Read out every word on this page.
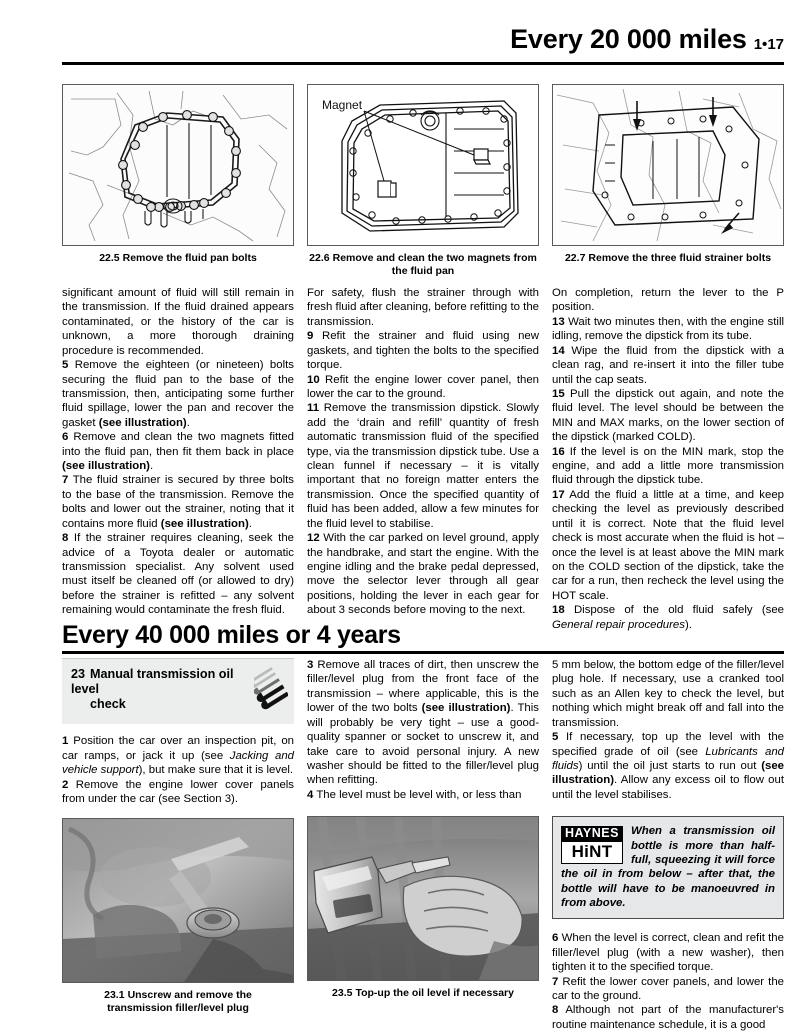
Every 20 000 miles 1•17
22.5 Remove the fluid pan bolts
Magnet
22.6 Remove and clean the two magnets from the fluid pan
22.7 Remove the three fluid strainer bolts

significant amount of fluid will still remain in the transmission. If the fluid drained appears contaminated, or the history of the car is unknown, a more thorough draining procedure is recommended.

5 Remove the eighteen (or nineteen) bolts securing the fluid pan to the base of the transmission, then, anticipating some further fluid spillage, lower the pan and recover the gasket (see illustration).

6 Remove and clean the two magnets fitted into the fluid pan, then fit them back in place (see illustration).

7 The fluid strainer is secured by three bolts to the base of the transmission. Remove the bolts and lower out the strainer, noting that it contains more fluid (see illustration).

8 If the strainer requires cleaning, seek the advice of a Toyota dealer or automatic transmission specialist. Any solvent used must itself be cleaned off (or allowed to dry) before the strainer is refitted – any solvent remaining would contaminate the fresh fluid.

For safety, flush the strainer through with fresh fluid after cleaning, before refitting to the transmission.

9 Refit the strainer and fluid using new gaskets, and tighten the bolts to the specified torque.

10 Refit the engine lower cover panel, then lower the car to the ground.

11 Remove the transmission dipstick. Slowly add the ‘drain and refill’ quantity of fresh automatic transmission fluid of the specified type, via the transmission dipstick tube. Use a clean funnel if necessary – it is vitally important that no foreign matter enters the transmission. Once the specified quantity of fluid has been added, allow a few minutes for the fluid level to stabilise.

12 With the car parked on level ground, apply the handbrake, and start the engine. With the engine idling and the brake pedal depressed, move the selector lever through all gear positions, holding the lever in each gear for about 3 seconds before moving to the next.

On completion, return the lever to the P position.

13 Wait two minutes then, with the engine still idling, remove the dipstick from its tube.

14 Wipe the fluid from the dipstick with a clean rag, and re-insert it into the filler tube until the cap seats.

15 Pull the dipstick out again, and note the fluid level. The level should be between the MIN and MAX marks, on the lower section of the dipstick (marked COLD).

16 If the level is on the MIN mark, stop the engine, and add a little more transmission fluid through the dipstick tube.

17 Add the fluid a little at a time, and keep checking the level as previously described until it is correct. Note that the fluid level check is most accurate when the fluid is hot – once the level is at least above the MIN mark on the COLD section of the dipstick, take the car for a run, then recheck the level using the HOT scale.

18 Dispose of the old fluid safely (see General repair procedures).

Every 40 000 miles or 4 years
23 Manual transmission oil level
check

1 Position the car over an inspection pit, on car ramps, or jack it up (see Jacking and vehicle support), but make sure that it is level.

2 Remove the engine lower cover panels from under the car (see Section 3).

23.1 Unscrew and remove the
transmission filler/level plug

3 Remove all traces of dirt, then unscrew the filler/level plug from the front face of the transmission – where applicable, this is the lower of the two bolts (see illustration). This will probably be very tight – use a good-quality spanner or socket to unscrew it, and take care to avoid personal injury. A new washer should be fitted to the filler/level plug when refitting.

4 The level must be level with, or less than

23.5 Top-up the oil level if necessary

5 mm below, the bottom edge of the filler/level plug hole. If necessary, use a cranked tool such as an Allen key to check the level, but nothing which might break off and fall into the transmission.

5 If necessary, top up the level with the specified grade of oil (see Lubricants and fluids) until the oil just starts to run out (see illustration). Allow any excess oil to flow out until the level stabilises.

HAYNES
HiNT
When a transmission oil bottle is more than half-full, squeezing it will force the oil in from below – after that, the bottle will have to be manoeuvred in from above.

6 When the level is correct, clean and refit the filler/level plug (with a new washer), then tighten it to the specified torque.

7 Refit the lower cover panels, and lower the car to the ground.

8 Although not part of the manufacturer's routine maintenance schedule, it is a good
